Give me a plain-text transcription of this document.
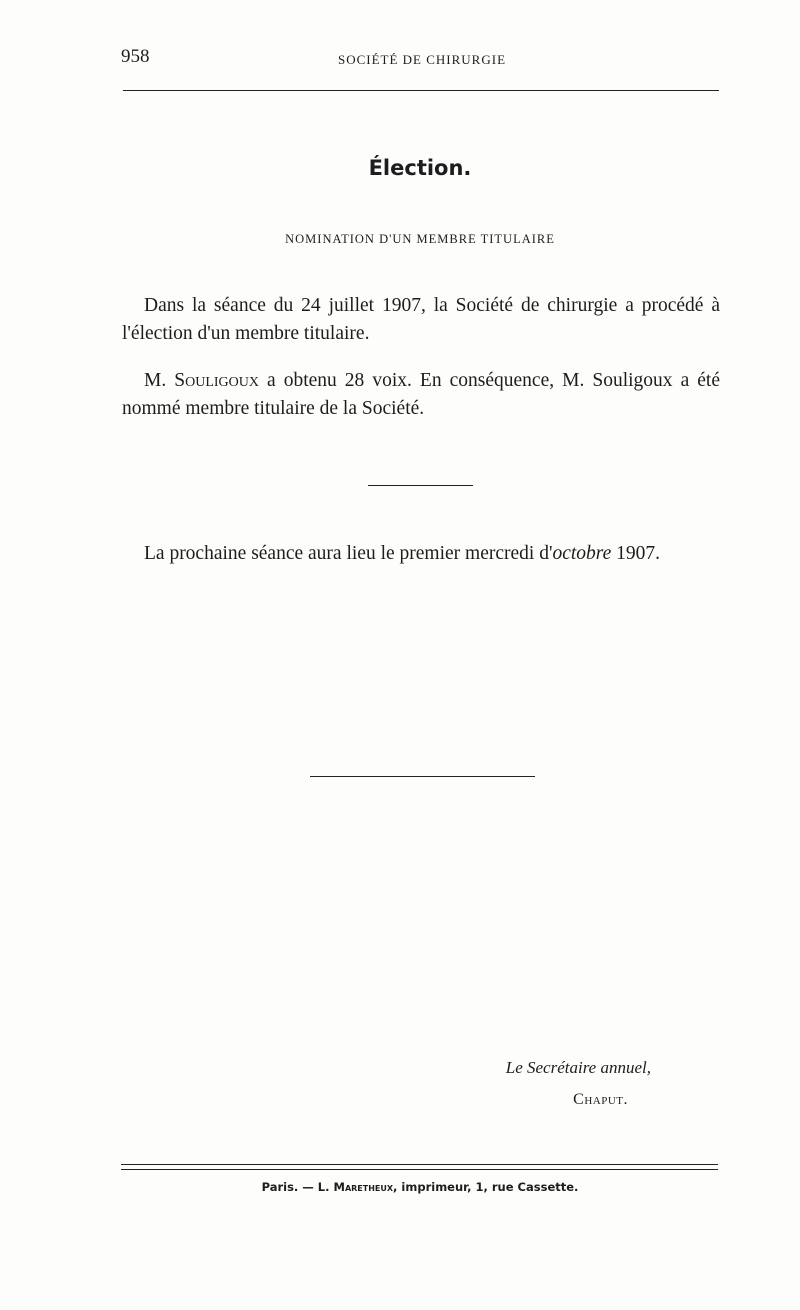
958	SOCIÉTÉ DE CHIRURGIE
Élection.
NOMINATION D'UN MEMBRE TITULAIRE
Dans la séance du 24 juillet 1907, la Société de chirurgie a procédé à l'élection d'un membre titulaire.
M. Souligoux a obtenu 28 voix. En conséquence, M. Souligoux a été nommé membre titulaire de la Société.
La prochaine séance aura lieu le premier mercredi d'octobre 1907.
Le Secrétaire annuel,
Chaput.
Paris. — L. Maretheux, imprimeur, 1, rue Cassette.
